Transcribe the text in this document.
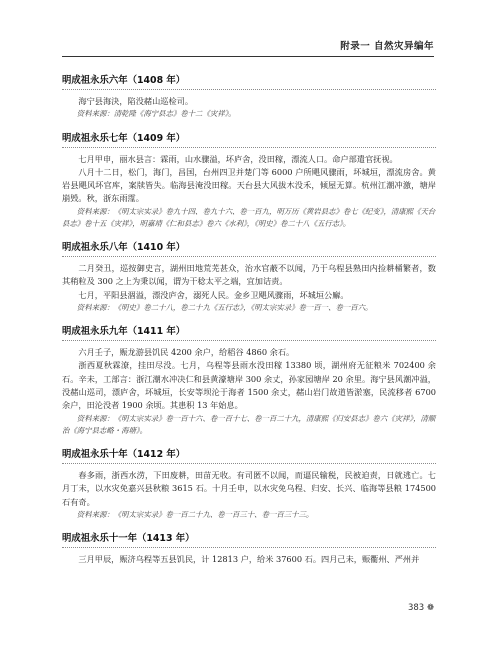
附录一 自然灾异编年
明成祖永乐六年（1408 年）

海宁县海決，陷没赭山巡检司。

资料来源：清乾隆《海宁县志》卷十二《灾祥》。

明成祖永乐七年（1409 年）

七月甲申，丽水县言：霖雨，山水骤溢，坏庐舍，没田稼，漂流人口。命户部遣官抚视。

八月十二日，松门，海门，昌国，台州四卫并楚门等 6000 户所飓风骤雨，坏城垣，漂流房舍。黄岩县飓风坏官库，案牍皆失。临海县淹没田稼。天台县大风拔木没禾，倾屋无算。杭州江潮冲激，塘岸崩毁。秋，浙东雨霪。

资料来源：《明太宗实录》卷九十四、卷九十六、卷一百九，明万历《黄岩县志》卷七《纪变》，清康熙《天台县志》卷十五《灾祥》，明嘉靖《仁和县志》卷六《水利》，《明史》卷二十八《五行志》。

明成祖永乐八年（1410 年）

二月癸丑，巡按御史言，湖州田地荒芜甚众，治水官蔽不以闻，乃于乌程县熟田内捡耕桶繁者，数其稍粒及 300 之上为秉以闻，谓为干稔太平之端，宜加诘责。

七月，平阳县涸溢，漂没庐舍，溺死人民。金乡卫飓风骤雨，坏城垣公廨。

资料来源：《明史》卷二十八，卷二十九《五行志》，《明太宗实录》卷一百一、卷一百六。

明成祖永乐九年（1411 年）

六月壬子，赈龙游县饥民 4200 余户，给稻谷 4860 余石。

浙西夏秋霖潦，挂田尽没。七月，乌程等县雨水没田稼 13380 顷，湖州府无征粮米 702400 余石。辛未，工部言：浙江潮水冲决仁和县黄濠塘岸 300 余丈，孙家园塘岸 20 余里。海宁县风潮冲溢，没赭山巡司，漂庐舍，坏城垣，长安等坝沦于海者 1500 余丈，赭山岩门故道皆淤塞，民流移者 6700 余户，田沦没者 1900 余顷。其患积 13 年始息。

资料来源：《明太宗实录》卷一百十六、卷一百十七、卷一百二十九，清康熙《归安县志》卷六《灾祥》，清顺治《海宁县志略・海塘》。

明成祖永乐十年（1412 年）

春多雨，浙西水涝，下田废耕，田苗无收。有司匿不以闻，而逼民输税，民被迫责，日就逃亡。七月丁未，以水灾免嘉兴县秋粮 3615 石。十月壬申，以水灾免乌程、归安、长兴、临海等县粮 174500 石有奇。

资料来源：《明太宗实录》卷一百二十九、卷一百三十、卷一百三十三。

明成祖永乐十一年（1413 年）

三月甲辰，赈济乌程等五县饥民，计 12813 户，给米 37600 石。四月己未，赈衢州、严州并

383 ❁
